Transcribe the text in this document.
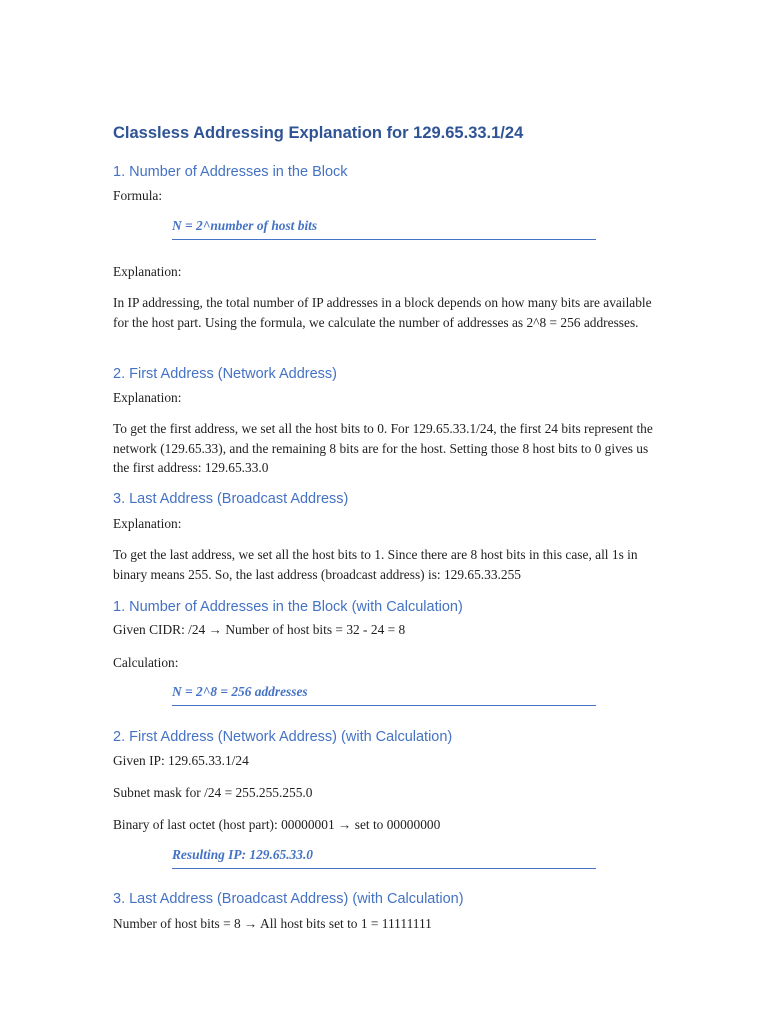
Classless Addressing Explanation for 129.65.33.1/24
1. Number of Addresses in the Block
Formula:
N = 2^number of host bits
Explanation:
In IP addressing, the total number of IP addresses in a block depends on how many bits are available for the host part. Using the formula, we calculate the number of addresses as 2^8 = 256 addresses.
2. First Address (Network Address)
Explanation:
To get the first address, we set all the host bits to 0. For 129.65.33.1/24, the first 24 bits represent the network (129.65.33), and the remaining 8 bits are for the host. Setting those 8 host bits to 0 gives us the first address: 129.65.33.0
3. Last Address (Broadcast Address)
Explanation:
To get the last address, we set all the host bits to 1. Since there are 8 host bits in this case, all 1s in binary means 255. So, the last address (broadcast address) is: 129.65.33.255
1. Number of Addresses in the Block (with Calculation)
Given CIDR: /24 → Number of host bits = 32 - 24 = 8
Calculation:
N = 2^8 = 256 addresses
2. First Address (Network Address) (with Calculation)
Given IP: 129.65.33.1/24
Subnet mask for /24 = 255.255.255.0
Binary of last octet (host part): 00000001 → set to 00000000
Resulting IP: 129.65.33.0
3. Last Address (Broadcast Address) (with Calculation)
Number of host bits = 8 → All host bits set to 1 = 11111111
